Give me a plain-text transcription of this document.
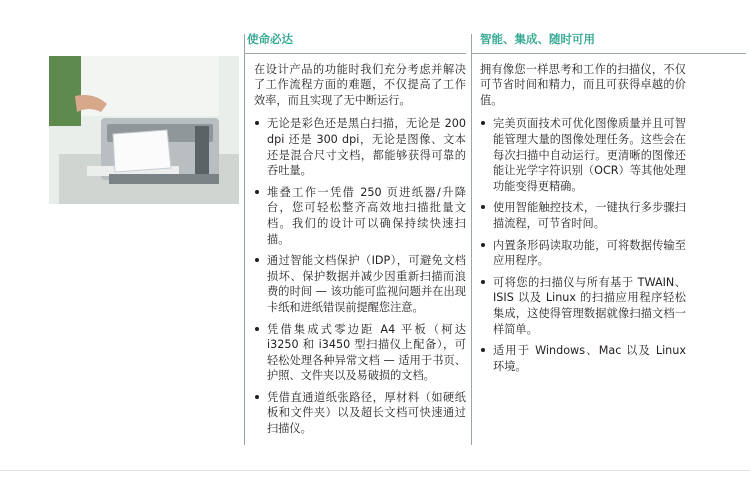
使命必达

在设计产品的功能时我们充分考虑并解决了工作流程方面的难题，不仅提高了工作效率，而且实现了无中断运行。

无论是彩色还是黑白扫描，无论是 200 dpi 还是 300 dpi，无论是图像、文本还是混合尺寸文档，都能够获得可靠的吞吐量。
堆叠工作一凭借 250 页进纸器/升降台，您可轻松整齐高效地扫描批量文档。我们的设计可以确保持续快速扫描。
通过智能文档保护（IDP），可避免文档损坏、保护数据并减少因重新扫描而浪费的时间 — 该功能可监视问题并在出现卡纸和进纸错误前提醒您注意。
凭借集成式零边距 A4 平板（柯达 i3250 和 i3450 型扫描仪上配备），可轻松处理各种异常文档 — 适用于书页、护照、文件夹以及易破损的文档。
凭借直通道纸张路径，厚材料（如硬纸板和文件夹）以及超长文档可快速通过扫描仪。
智能、集成、随时可用

拥有像您一样思考和工作的扫描仪，不仅可节省时间和精力，而且可获得卓越的价值。

完美页面技术可优化图像质量并且可智能管理大量的图像处理任务。这些会在每次扫描中自动运行。更清晰的图像还能让光学字符识别（OCR）等其他处理功能变得更精确。
使用智能触控技术，一键执行多步骤扫描流程，可节省时间。
内置条形码读取功能，可将数据传输至应用程序。
可将您的扫描仪与所有基于 TWAIN、ISIS 以及 Linux 的扫描应用程序轻松集成，这使得管理数据就像扫描文档一样简单。
适用于 Windows、Mac 以及 Linux 环境。
